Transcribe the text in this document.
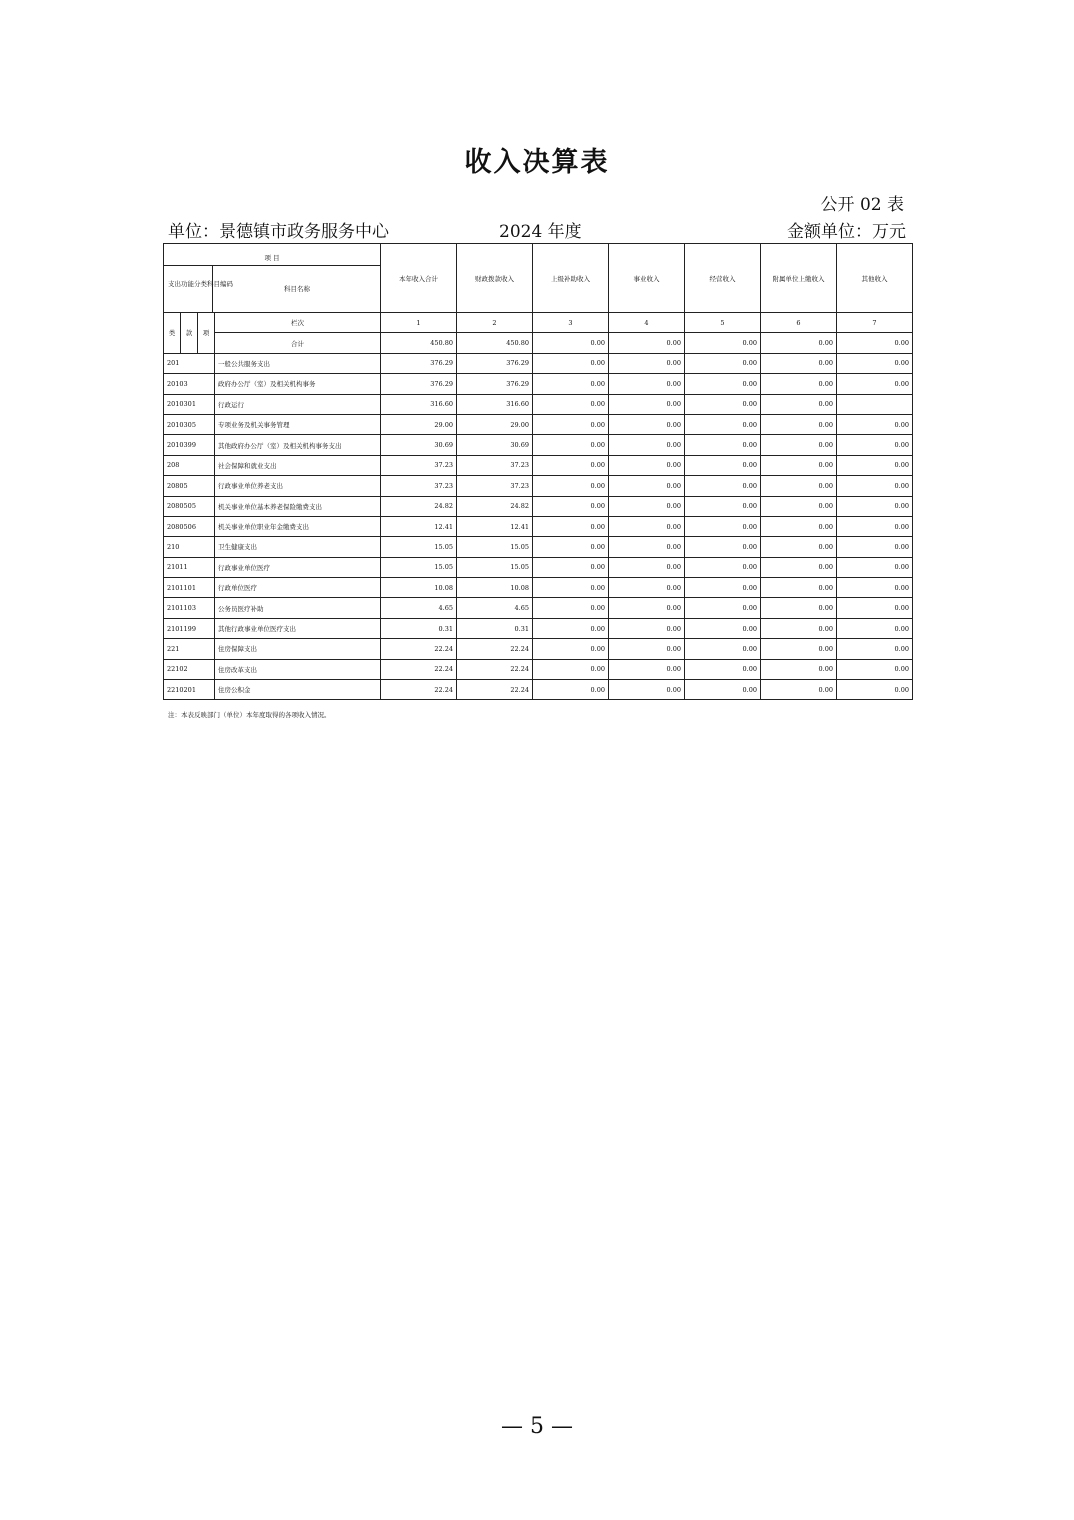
收入决算表
公开 02 表
单位：景德镇市政务服务中心	2024 年度	金额单位：万元
项 目
支出功能分类科目编码
科目名称				本年收入合计	财政拨款收入	上级补助收入	事业收入	经营收入	附属单位上缴收入	其他收入
类	款	项	栏次	1	2	3	4	5	6	7
			合计	450.80	450.80	0.00	0.00	0.00	0.00	0.00
201			一般公共服务支出	376.29	376.29	0.00	0.00	0.00	0.00	0.00
20103			政府办公厅（室）及相关机构事务	376.29	376.29	0.00	0.00	0.00	0.00	0.00
2010301			行政运行	316.60	316.60	0.00	0.00	0.00	0.00	
2010305			专项业务及机关事务管理	29.00	29.00	0.00	0.00	0.00	0.00	0.00
2010399			其他政府办公厅（室）及相关机构事务支出	30.69	30.69	0.00	0.00	0.00	0.00	0.00
208			社会保障和就业支出	37.23	37.23	0.00	0.00	0.00	0.00	0.00
20805			行政事业单位养老支出	37.23	37.23	0.00	0.00	0.00	0.00	0.00
2080505			机关事业单位基本养老保险缴费支出	24.82	24.82	0.00	0.00	0.00	0.00	0.00
2080506			机关事业单位职业年金缴费支出	12.41	12.41	0.00	0.00	0.00	0.00	0.00
210			卫生健康支出	15.05	15.05	0.00	0.00	0.00	0.00	0.00
21011			行政事业单位医疗	15.05	15.05	0.00	0.00	0.00	0.00	0.00
2101101			行政单位医疗	10.08	10.08	0.00	0.00	0.00	0.00	0.00
2101103			公务员医疗补助	4.65	4.65	0.00	0.00	0.00	0.00	0.00
2101199			其他行政事业单位医疗支出	0.31	0.31	0.00	0.00	0.00	0.00	0.00
221			住房保障支出	22.24	22.24	0.00	0.00	0.00	0.00	0.00
22102			住房改革支出	22.24	22.24	0.00	0.00	0.00	0.00	0.00
2210201			住房公积金	22.24	22.24	0.00	0.00	0.00	0.00	0.00
注：本表反映部门（单位）本年度取得的各项收入情况。
— 5 —
